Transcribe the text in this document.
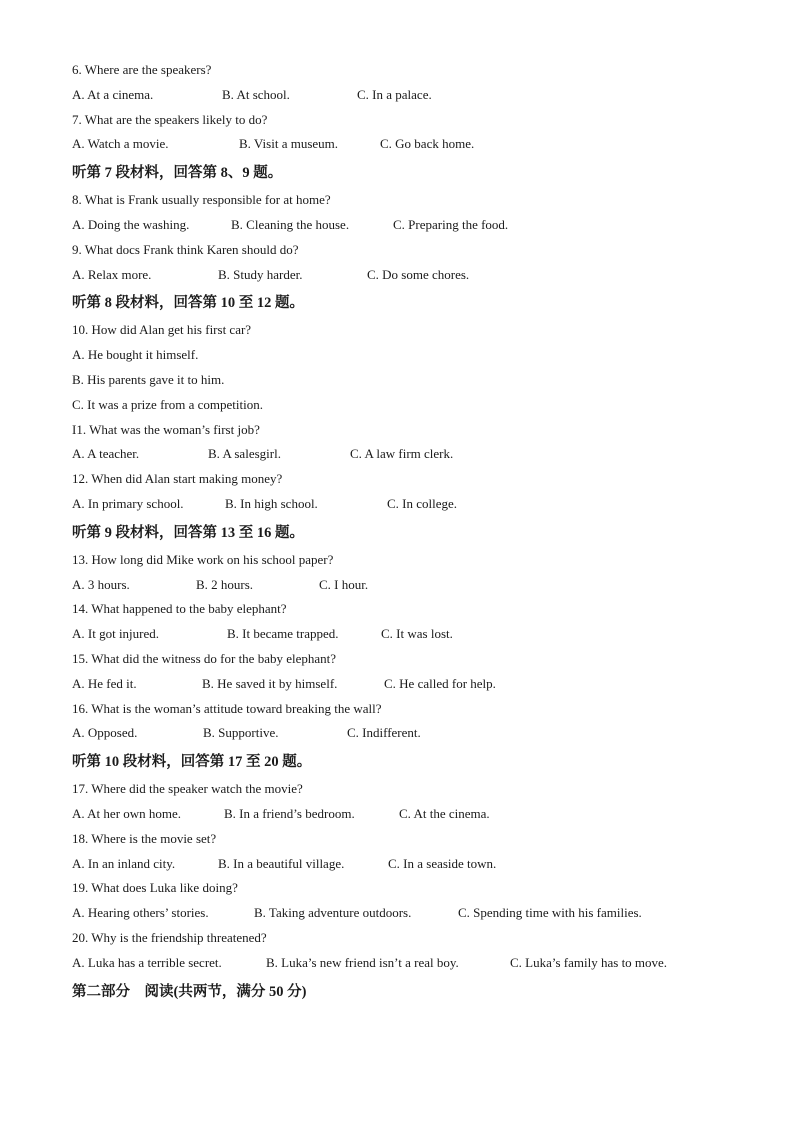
6. Where are the speakers?
A. At a cinema.	B. At school.	C. In a palace.
7. What are the speakers likely to do?
A. Watch a movie.	B. Visit a museum.	C. Go back home.
听第 7 段材料，回答第 8、9 题。
8. What is Frank usually responsible for at home?
A. Doing the washing.	B. Cleaning the house.	C. Preparing the food.
9. What docs Frank think Karen should do?
A. Relax more.	B. Study harder.	C. Do some chores.
听第 8 段材料，回答第 10 至 12 题。
10. How did Alan get his first car?
A. He bought it himself.
B. His parents gave it to him.
C. It was a prize from a competition.
I1. What was the woman’s first job?
A. A teacher.	B. A salesgirl.	C. A law firm clerk.
12. When did Alan start making money?
A. In primary school.	B. In high school.	C. In college.
听第 9 段材料，回答第 13 至 16 题。
13. How long did Mike work on his school paper?
A. 3 hours.	B. 2 hours.	C. I hour.
14. What happened to the baby elephant?
A. It got injured.	B. It became trapped.	C. It was lost.
15. What did the witness do for the baby elephant?
A. He fed it.	B. He saved it by himself.	C. He called for help.
16. What is the woman’s attitude toward breaking the wall?
A. Opposed.	B. Supportive.	C. Indifferent.
听第 10 段材料，回答第 17 至 20 题。
17. Where did the speaker watch the movie?
A. At her own home.	B. In a friend’s bedroom.	C. At the cinema.
18. Where is the movie set?
A. In an inland city.	B. In a beautiful village.	C. In a seaside town.
19. What does Luka like doing?
A. Hearing others’ stories.	B. Taking adventure outdoors.	C. Spending time with his families.
20. Why is the friendship threatened?
A. Luka has a terrible secret.	B. Luka’s new friend isn’t a real boy.	C. Luka’s family has to move.
第二部分　阅读(共两节，满分 50 分)
